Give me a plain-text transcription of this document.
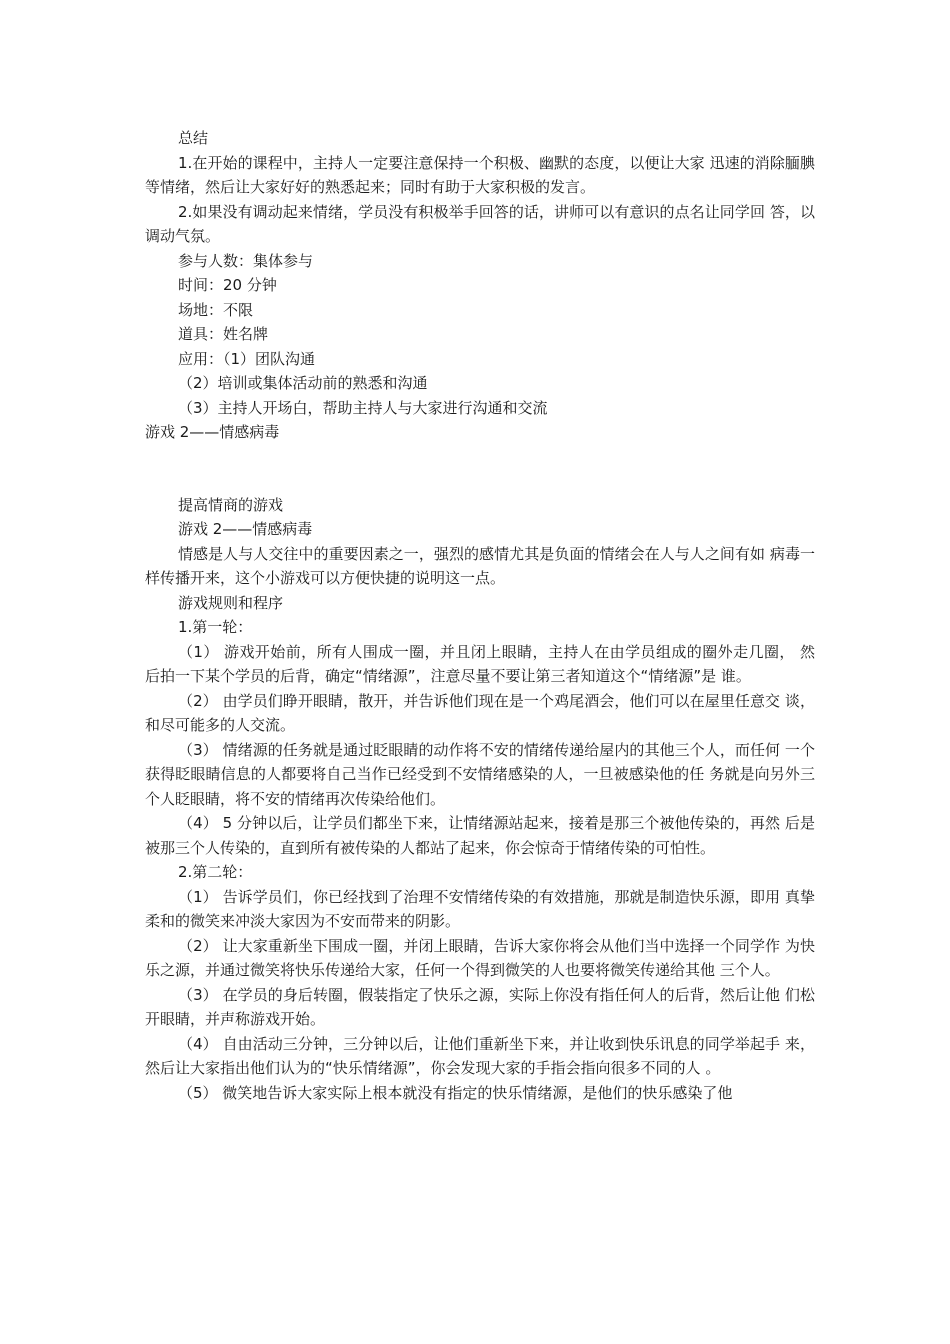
总结

1.在开始的课程中，主持人一定要注意保持一个积极、幽默的态度，以便让大家 迅速的消除腼腆等情绪，然后让大家好好的熟悉起来；同时有助于大家积极的发言。

2.如果没有调动起来情绪，学员没有积极举手回答的话，讲师可以有意识的点名让同学回 答，以调动气氛。

参与人数：集体参与

时间：20 分钟

场地：不限

道具：姓名牌

应用：（1）团队沟通

（2）培训或集体活动前的熟悉和沟通

（3）主持人开场白，帮助主持人与大家进行沟通和交流

游戏 2——情感病毒

提高情商的游戏

游戏 2——情感病毒

情感是人与人交往中的重要因素之一，强烈的感情尤其是负面的情绪会在人与人之间有如 病毒一样传播开来，这个小游戏可以方便快捷的说明这一点。

游戏规则和程序

1.第一轮：

（1） 游戏开始前，所有人围成一圈，并且闭上眼睛，主持人在由学员组成的圈外走几圈， 然 后拍一下某个学员的后背，确定“情绪源”，注意尽量不要让第三者知道这个“情绪源”是 谁。

（2） 由学员们睁开眼睛，散开，并告诉他们现在是一个鸡尾酒会，他们可以在屋里任意交 谈，和尽可能多的人交流。

（3） 情绪源的任务就是通过眨眼睛的动作将不安的情绪传递给屋内的其他三个人，而任何 一个获得眨眼睛信息的人都要将自己当作已经受到不安情绪感染的人，一旦被感染他的任 务就是向另外三个人眨眼睛，将不安的情绪再次传染给他们。

（4） 5 分钟以后，让学员们都坐下来，让情绪源站起来，接着是那三个被他传染的，再然 后是被那三个人传染的，直到所有被传染的人都站了起来，你会惊奇于情绪传染的可怕性。

2.第二轮：

（1） 告诉学员们，你已经找到了治理不安情绪传染的有效措施，那就是制造快乐源，即用 真挚柔和的微笑来冲淡大家因为不安而带来的阴影。

（2） 让大家重新坐下围成一圈，并闭上眼睛，告诉大家你将会从他们当中选择一个同学作 为快乐之源，并通过微笑将快乐传递给大家，任何一个得到微笑的人也要将微笑传递给其他 三个人。

（3） 在学员的身后转圈，假装指定了快乐之源，实际上你没有指任何人的后背，然后让他 们松开眼睛，并声称游戏开始。

（4） 自由活动三分钟，三分钟以后，让他们重新坐下来，并让收到快乐讯息的同学举起手 来，然后让大家指出他们认为的“快乐情绪源”，你会发现大家的手指会指向很多不同的人 。

（5） 微笑地告诉大家实际上根本就没有指定的快乐情绪源，是他们的快乐感染了他
